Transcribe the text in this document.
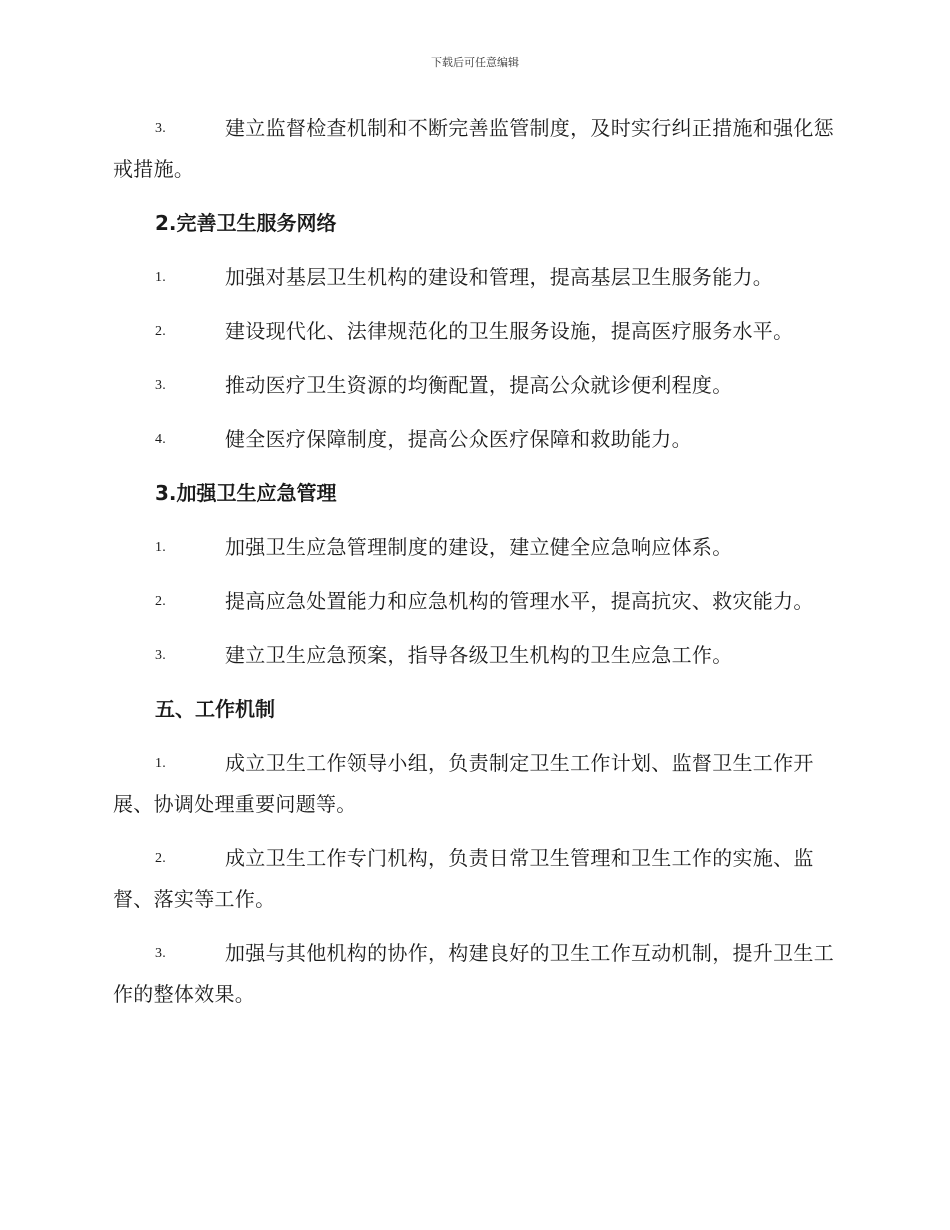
下载后可任意编辑
3.	建立监督检查机制和不断完善监管制度，及时实行纠正措施和强化惩戒措施。
2.完善卫生服务网络
1.	加强对基层卫生机构的建设和管理，提高基层卫生服务能力。
2.	建设现代化、法律规范化的卫生服务设施，提高医疗服务水平。
3.	推动医疗卫生资源的均衡配置，提高公众就诊便利程度。
4.	健全医疗保障制度，提高公众医疗保障和救助能力。
3.加强卫生应急管理
1.	加强卫生应急管理制度的建设，建立健全应急响应体系。
2.	提高应急处置能力和应急机构的管理水平，提高抗灾、救灾能力。
3.	建立卫生应急预案，指导各级卫生机构的卫生应急工作。
五、工作机制
1.	成立卫生工作领导小组，负责制定卫生工作计划、监督卫生工作开展、协调处理重要问题等。
2.	成立卫生工作专门机构，负责日常卫生管理和卫生工作的实施、监督、落实等工作。
3.	加强与其他机构的协作，构建良好的卫生工作互动机制，提升卫生工作的整体效果。
